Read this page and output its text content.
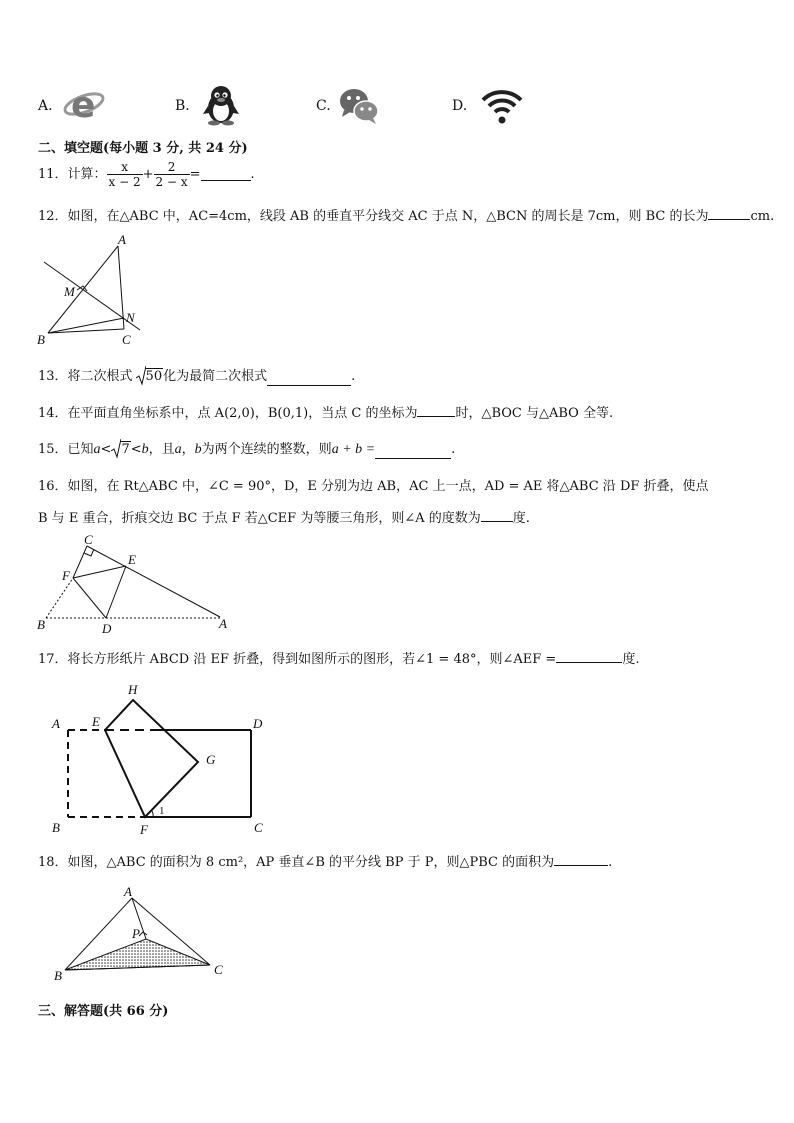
A. e	B.	C.	D.
二、填空题(每小题 3 分, 共 24 分)
11．计算： $\frac{x}{x - 2} + \frac{2}{2 - x}$ =	.
12．如图，在△ABC 中，AC=4cm，线段 AB 的垂直平分线交 AC 于点 N，△BCN 的周长是 7cm，则 BC 的长为	cm.
A
M
N
B	C
13．将二次根式	50 化为最简二次根式	.
14．在平面直角坐标系中，点 A(2,0)，B(0,1)，当点 C 的坐标为	时，△BOC 与△ABO 全等.
15．已知 a < 7 < b ，且 a ， b 为两个连续的整数，则 a + b =	.
16．如图，在 Rt△ABC 中，∠C = 90°，D，E 分别为边 AB，AC 上一点，AD = AE 将△ABC 沿 DF 折叠，使点
B 与 E 重合，折痕交边 BC 于点 F 若△CEF 为等腰三角形，则∠A 的度数为 度.
C
E
F
B	D	A
17．将长方形纸片 ABCD 沿 EF 折叠，得到如图所示的图形，若∠1 = 48°，则∠AEF =	度.
H
A E	D
G
B	F	C
1
18．如图，△ABC 的面积为 8 cm²，AP 垂直∠B 的平分线 BP 于 P，则△PBC 的面积为	.
A
P
B	C
三、解答题(共 66 分)
